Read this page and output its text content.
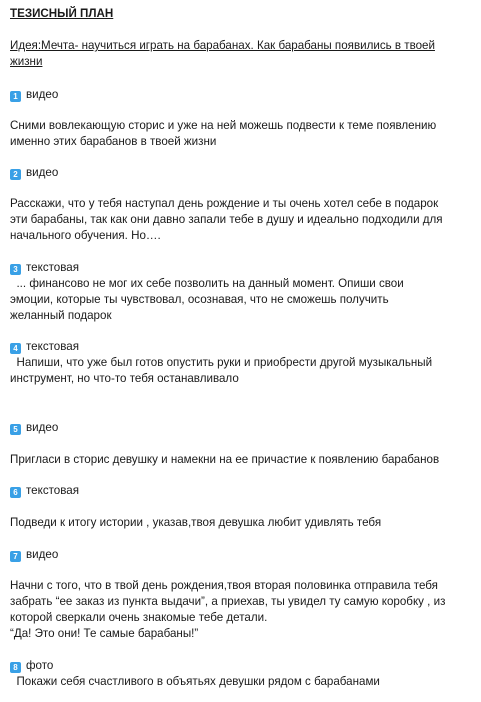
ТЕЗИСНЫЙ ПЛАН
Идея:Мечта- научиться играть на барабанах. Как барабаны появились в твоей
жизни
1 видео
Сними вовлекающую сторис и уже на ней можешь подвести к теме появлению
именно этих барабанов в твоей жизни
2 видео
Расскажи, что у тебя наступал день рождение и ты очень хотел себе в подарок
эти барабаны, так как они давно запали тебе в душу и идеально подходили для
начального обучения. Но….
3 текстовая
... финансово не мог их себе позволить на данный момент. Опиши свои
эмоции, которые ты чувствовал, осознавая, что не сможешь получить
желанный подарок
4 текстовая
Напиши, что уже был готов опустить руки и приобрести другой музыкальный
инструмент, но что-то тебя останавливало
5 видео
Пригласи в сторис девушку и намекни на ее причастие к появлению барабанов
6 текстовая
Подведи к итогу истории , указав,твоя девушка любит удивлять тебя
7 видео
Начни с того, что в твой день рождения,твоя вторая половинка отправила тебя
забрать “ее заказ из пункта выдачи”, а приехав, ты увидел ту самую коробку , из
которой сверкали очень знакомые тебе детали.
“Да! Это они! Те самые барабаны!”
8 фото
Покажи себя счастливого в объятьях девушки рядом с барабанами
